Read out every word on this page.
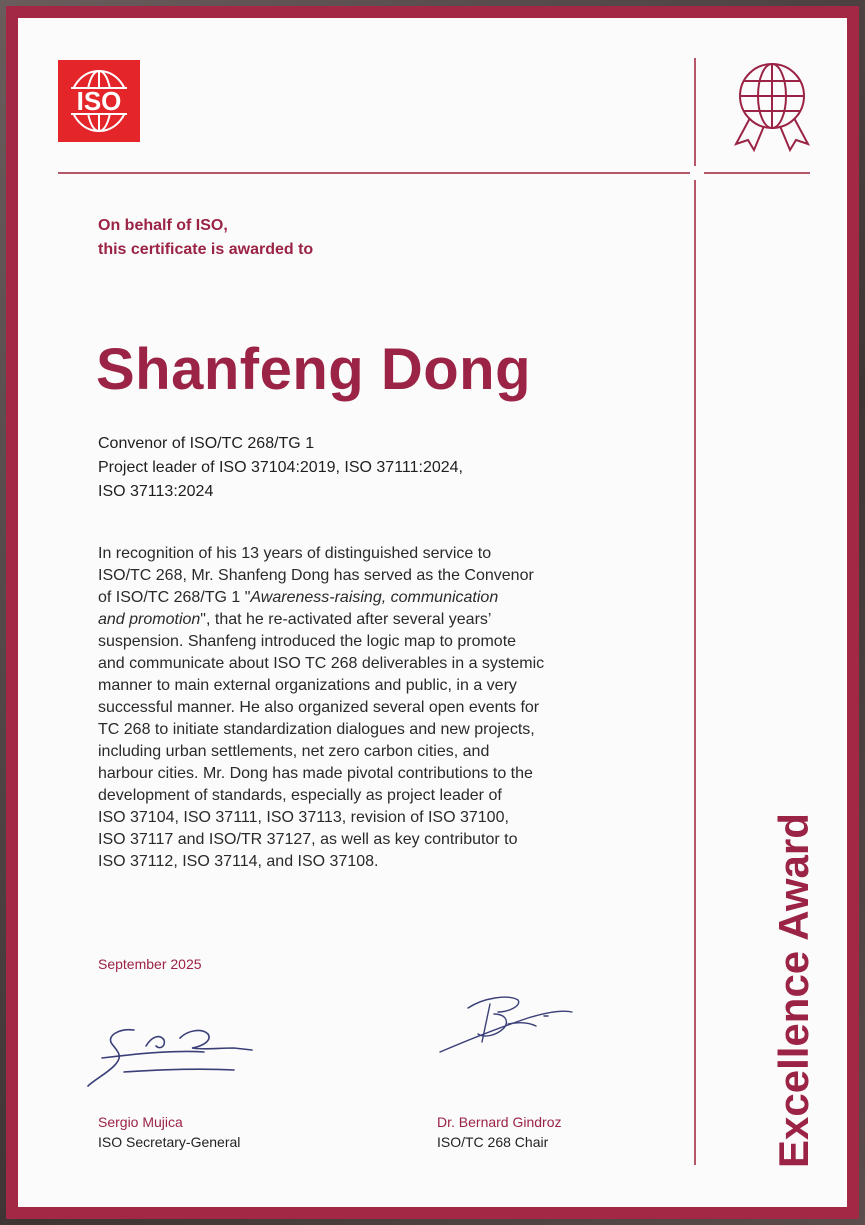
ISO
On behalf of ISO,
this certificate is awarded to
Shanfeng Dong
Convenor of ISO/TC 268/TG 1
Project leader of ISO 37104:2019, ISO 37111:2024,
ISO 37113:2024
In recognition of his 13 years of distinguished service to
ISO/TC 268, Mr. Shanfeng Dong has served as the Convenor
of ISO/TC 268/TG 1 "Awareness-raising, communication
and promotion", that he re-activated after several years’
suspension. Shanfeng introduced the logic map to promote
and communicate about ISO TC 268 deliverables in a systemic
manner to main external organizations and public, in a very
successful manner. He also organized several open events for
TC 268 to initiate standardization dialogues and new projects,
including urban settlements, net zero carbon cities, and
harbour cities. Mr. Dong has made pivotal contributions to the
development of standards, especially as project leader of
ISO 37104, ISO 37111, ISO 37113, revision of ISO 37100,
ISO 37117 and ISO/TR 37127, as well as key contributor to
ISO 37112, ISO 37114, and ISO 37108.
September 2025
Sergio Mujica
ISO Secretary-General
Dr. Bernard Gindroz
ISO/TC 268 Chair	Excellence Award
